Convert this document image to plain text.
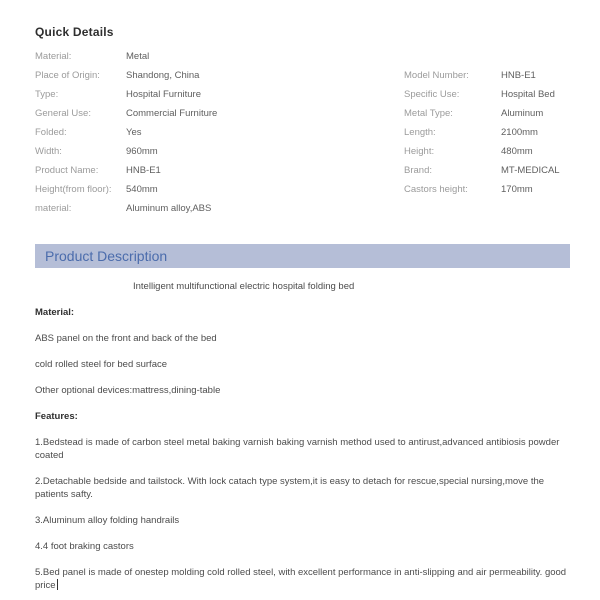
Quick Details
Material:	Metal
Place of Origin:	Shandong, China
Type:	Hospital Furniture
General Use:	Commercial Furniture
Folded:	Yes
Width:	960mm
Product Name:	HNB-E1
Height(from floor):	540mm
material:	Aluminum alloy,ABS
Model Number:	HNB-E1
Specific Use:	Hospital Bed
Metal Type:	Aluminum
Length:	2100mm
Height:	480mm
Brand:	MT-MEDICAL
Castors height:	170mm
Product Description

Intelligent multifunctional electric hospital folding bed

Material:

ABS panel on the front and back of the bed

cold rolled steel for bed surface

Other optional devices:mattress,dining-table

Features:

1.Bedstead is made of carbon steel metal baking varnish baking varnish method used to antirust,advanced antibiosis powder coated

2.Detachable bedside and tailstock. With lock catach type system,it is easy to detach for rescue,special nursing,move the patients safty.

3.Aluminum alloy folding handrails

4.4 foot braking castors

5.Bed panel is made of onestep molding cold rolled steel, with excellent performance in anti-slipping and air permeability. good price
